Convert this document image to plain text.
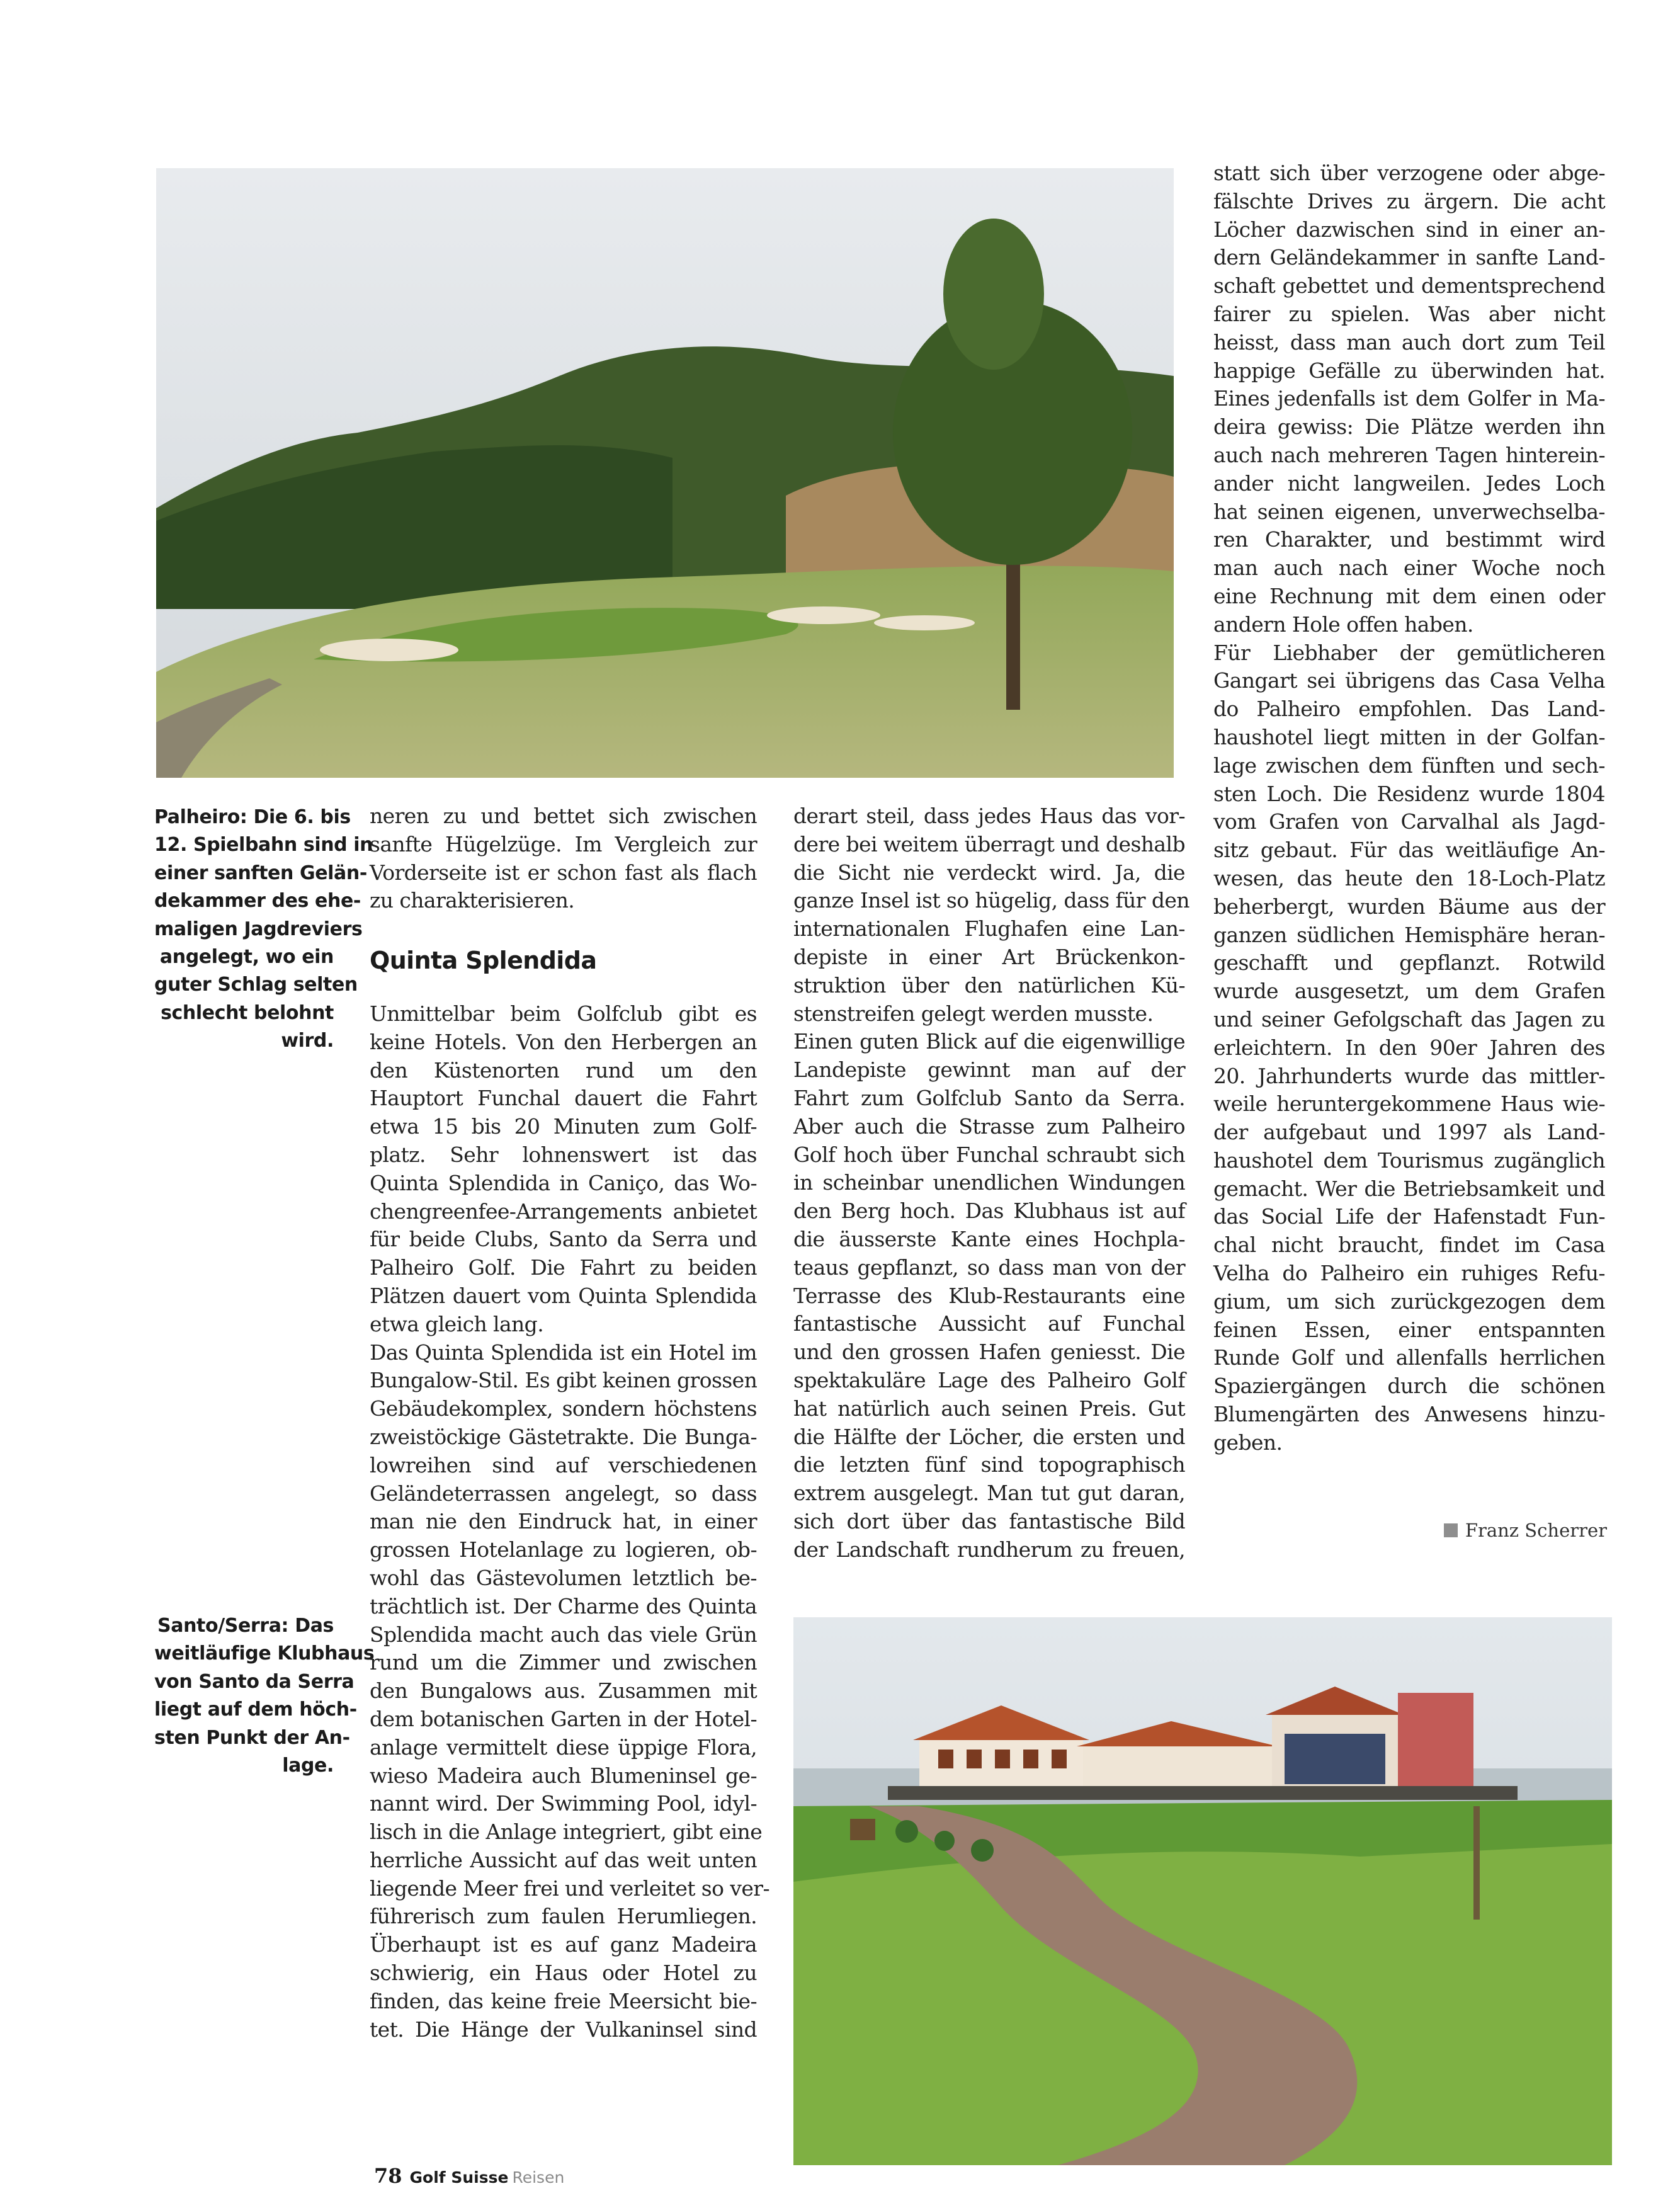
Palheiro: Die 6. bis
12. Spielbahn sind in
einer sanften Gelän-
dekammer des ehe-
maligen Jagdreviers
angelegt, wo ein
guter Schlag selten
schlecht belohnt
wird.

Santo/Serra: Das
weitläufige Klubhaus
von Santo da Serra
liegt auf dem höch-
sten Punkt der An-
lage.

neren zu und bettet sich zwischen
sanfte Hügelzüge. Im Vergleich zur
Vorderseite ist er schon fast als flach
zu charakterisieren.
Quinta Splendida
Unmittelbar beim Golfclub gibt es
keine Hotels. Von den Herbergen an
den Küstenorten rund um den
Hauptort Funchal dauert die Fahrt
etwa 15 bis 20 Minuten zum Golf-
platz. Sehr lohnenswert ist das
Quinta Splendida in Caniço, das Wo-
chengreenfee-Arrangements anbietet
für beide Clubs, Santo da Serra und
Palheiro Golf. Die Fahrt zu beiden
Plätzen dauert vom Quinta Splendida
etwa gleich lang.
Das Quinta Splendida ist ein Hotel im
Bungalow-Stil. Es gibt keinen grossen
Gebäudekomplex, sondern höchstens
zweistöckige Gästetrakte. Die Bunga-
lowreihen sind auf verschiedenen
Geländeterrassen angelegt, so dass
man nie den Eindruck hat, in einer
grossen Hotelanlage zu logieren, ob-
wohl das Gästevolumen letztlich be-
trächtlich ist. Der Charme des Quinta
Splendida macht auch das viele Grün
rund um die Zimmer und zwischen
den Bungalows aus. Zusammen mit
dem botanischen Garten in der Hotel-
anlage vermittelt diese üppige Flora,
wieso Madeira auch Blumeninsel ge-
nannt wird. Der Swimming Pool, idyl-
lisch in die Anlage integriert, gibt eine
herrliche Aussicht auf das weit unten
liegende Meer frei und verleitet so ver-
führerisch zum faulen Herumliegen.
Überhaupt ist es auf ganz Madeira
schwierig, ein Haus oder Hotel zu
finden, das keine freie Meersicht bie-
tet. Die Hänge der Vulkaninsel sind
derart steil, dass jedes Haus das vor-
dere bei weitem überragt und deshalb
die Sicht nie verdeckt wird. Ja, die
ganze Insel ist so hügelig, dass für den
internationalen Flughafen eine Lan-
depiste in einer Art Brückenkon-
struktion über den natürlichen Kü-
stenstreifen gelegt werden musste.
Einen guten Blick auf die eigenwillige
Landepiste gewinnt man auf der
Fahrt zum Golfclub Santo da Serra.
Aber auch die Strasse zum Palheiro
Golf hoch über Funchal schraubt sich
in scheinbar unendlichen Windungen
den Berg hoch. Das Klubhaus ist auf
die äusserste Kante eines Hochpla-
teaus gepflanzt, so dass man von der
Terrasse des Klub-Restaurants eine
fantastische Aussicht auf Funchal
und den grossen Hafen geniesst. Die
spektakuläre Lage des Palheiro Golf
hat natürlich auch seinen Preis. Gut
die Hälfte der Löcher, die ersten und
die letzten fünf sind topographisch
extrem ausgelegt. Man tut gut daran,
sich dort über das fantastische Bild
der Landschaft rundherum zu freuen,
statt sich über verzogene oder abge-
fälschte Drives zu ärgern. Die acht
Löcher dazwischen sind in einer an-
dern Geländekammer in sanfte Land-
schaft gebettet und dementsprechend
fairer zu spielen. Was aber nicht
heisst, dass man auch dort zum Teil
happige Gefälle zu überwinden hat.
Eines jedenfalls ist dem Golfer in Ma-
deira gewiss: Die Plätze werden ihn
auch nach mehreren Tagen hinterein-
ander nicht langweilen. Jedes Loch
hat seinen eigenen, unverwechselba-
ren Charakter, und bestimmt wird
man auch nach einer Woche noch
eine Rechnung mit dem einen oder
andern Hole offen haben.
Für Liebhaber der gemütlicheren
Gangart sei übrigens das Casa Velha
do Palheiro empfohlen. Das Land-
haushotel liegt mitten in der Golfan-
lage zwischen dem fünften und sech-
sten Loch. Die Residenz wurde 1804
vom Grafen von Carvalhal als Jagd-
sitz gebaut. Für das weitläufige An-
wesen, das heute den 18-Loch-Platz
beherbergt, wurden Bäume aus der
ganzen südlichen Hemisphäre heran-
geschafft und gepflanzt. Rotwild
wurde ausgesetzt, um dem Grafen
und seiner Gefolgschaft das Jagen zu
erleichtern. In den 90er Jahren des
20. Jahrhunderts wurde das mittler-
weile heruntergekommene Haus wie-
der aufgebaut und 1997 als Land-
haushotel dem Tourismus zugänglich
gemacht. Wer die Betriebsamkeit und
das Social Life der Hafenstadt Fun-
chal nicht braucht, findet im Casa
Velha do Palheiro ein ruhiges Refu-
gium, um sich zurückgezogen dem
feinen Essen, einer entspannten
Runde Golf und allenfalls herrlichen
Spaziergängen durch die schönen
Blumengärten des Anwesens hinzu-
geben.
Franz Scherrer
78 Golf Suisse Reisen
